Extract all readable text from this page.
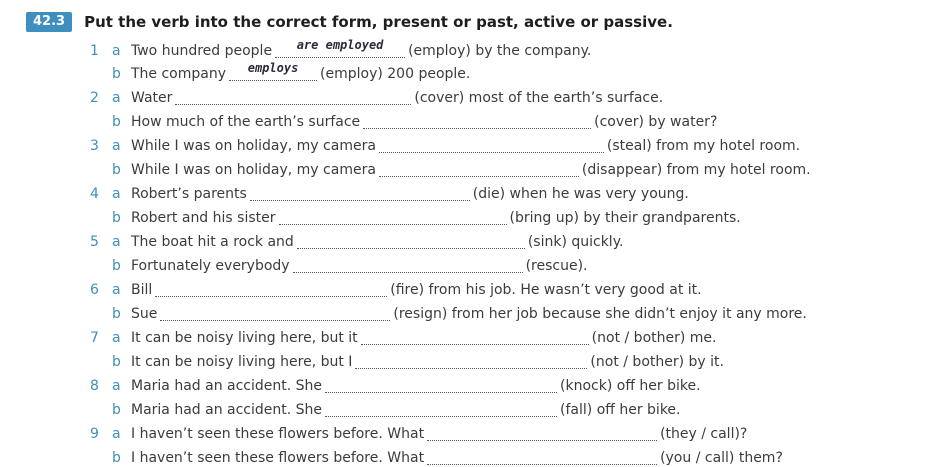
42.3	Put the verb into the correct form, present or past, active or passive.
1 a Two hundred people	are employed	(employ) by the company.
b The company	employs	(employ) 200 people.
2 a Water	(cover) most of the earth’s surface.
b How much of the earth’s surface	(cover) by water?
3 a While I was on holiday, my camera	(steal) from my hotel room.
b While I was on holiday, my camera	(disappear) from my hotel room.
4 a Robert’s parents	(die) when he was very young.
b Robert and his sister	(bring up) by their grandparents.
5 a The boat hit a rock and	(sink) quickly.
b Fortunately everybody	(rescue).
6 a Bill	(fire) from his job. He wasn’t very good at it.
b Sue	(resign) from her job because she didn’t enjoy it any more.
7 a It can be noisy living here, but it	(not / bother) me.
b It can be noisy living here, but I	(not / bother) by it.
8 a Maria had an accident. She	(knock) off her bike.
b Maria had an accident. She	(fall) off her bike.
9 a I haven’t seen these flowers before. What	(they / call)?
b I haven’t seen these flowers before. What	(you / call) them?
